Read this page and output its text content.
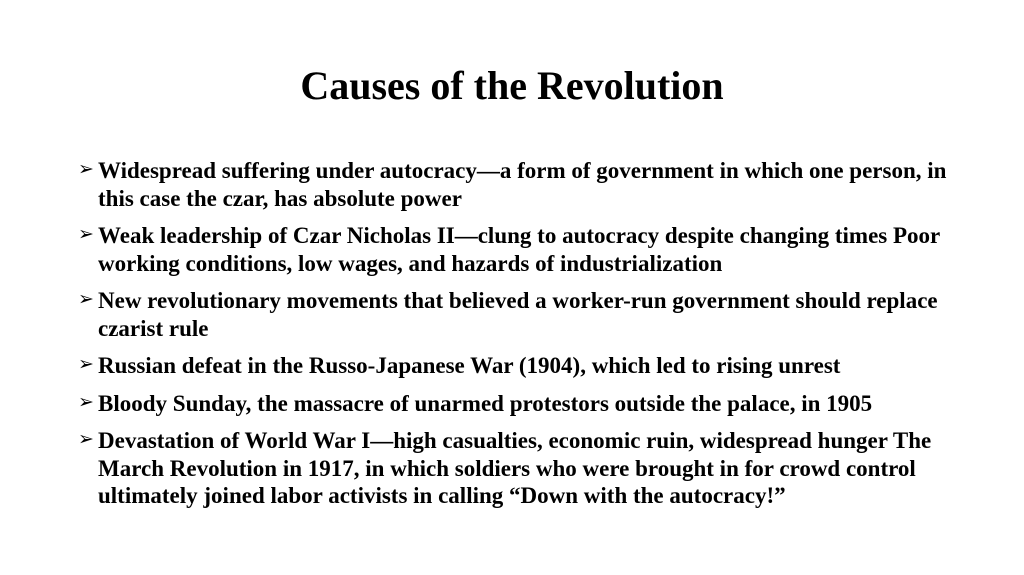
Causes of the Revolution
➢ Widespread suffering under autocracy—a form of government in which one person, in this case the czar, has absolute power
➢ Weak leadership of Czar Nicholas II—clung to autocracy despite changing times Poor working conditions, low wages, and hazards of industrialization
➢ New revolutionary movements that believed a worker-run government should replace czarist rule
➢ Russian defeat in the Russo-Japanese War (1904), which led to rising unrest
➢ Bloody Sunday, the massacre of unarmed protestors outside the palace, in 1905
➢ Devastation of World War I—high casualties, economic ruin, widespread hunger The March Revolution in 1917, in which soldiers who were brought in for crowd control ultimately joined labor activists in calling “Down with the autocracy!”
